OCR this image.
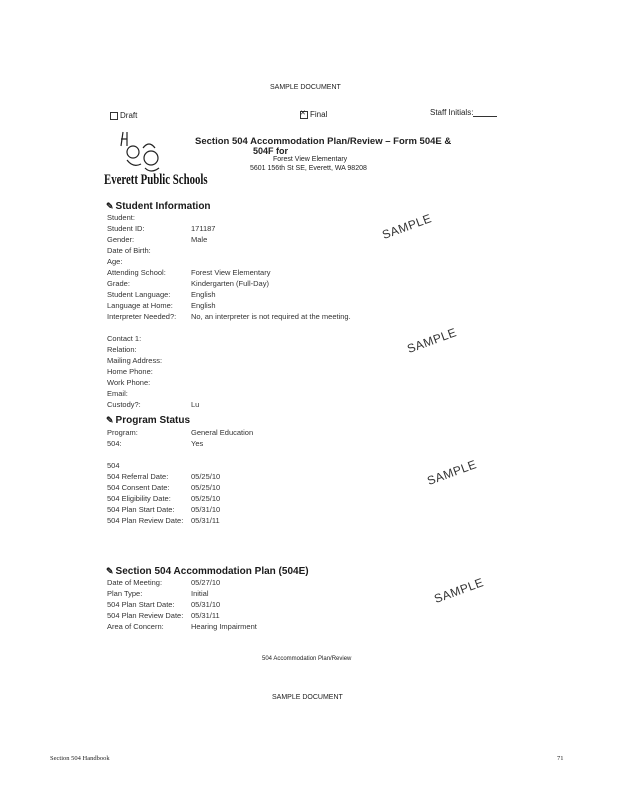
SAMPLE DOCUMENT
Draft
✕	Final	Staff Initials:
Everett Public Schools
Section 504 Accommodation Plan/Review – Form 504E &
504F for
Forest View Elementary
5601 156th St SE, Everett, WA 98208
✎ Student Information
Student:
Student ID:	171187
Gender:	Male
Date of Birth:
Age:
Attending School:	Forest View Elementary
Grade:	Kindergarten (Full-Day)
Student Language:	English
Language at Home: English
Interpreter Needed?: No, an interpreter is not required at the meeting.
Contact 1:
Relation:
Mailing Address:
Home Phone:
Work Phone:
Email:
Custody?:	Lu
✎ Program Status
Program:	General Education
504:	Yes
504
504 Referral Date:	05/25/10
504 Consent Date:	05/25/10
504 Eligibility Date:	05/25/10
504 Plan Start Date: 05/31/10
504 Plan Review Date: 05/31/11
✎ Section 504 Accommodation Plan (504E)
Date of Meeting:	05/27/10
Plan Type:	Initial
504 Plan Start Date: 05/31/10
504 Plan Review Date: 05/31/11
Area of Concern:	Hearing Impairment
SAMPLE
SAMPLE
SAMPLE
SAMPLE
504 Accommodation Plan/Review
SAMPLE DOCUMENT
Section 504 Handbook	71
